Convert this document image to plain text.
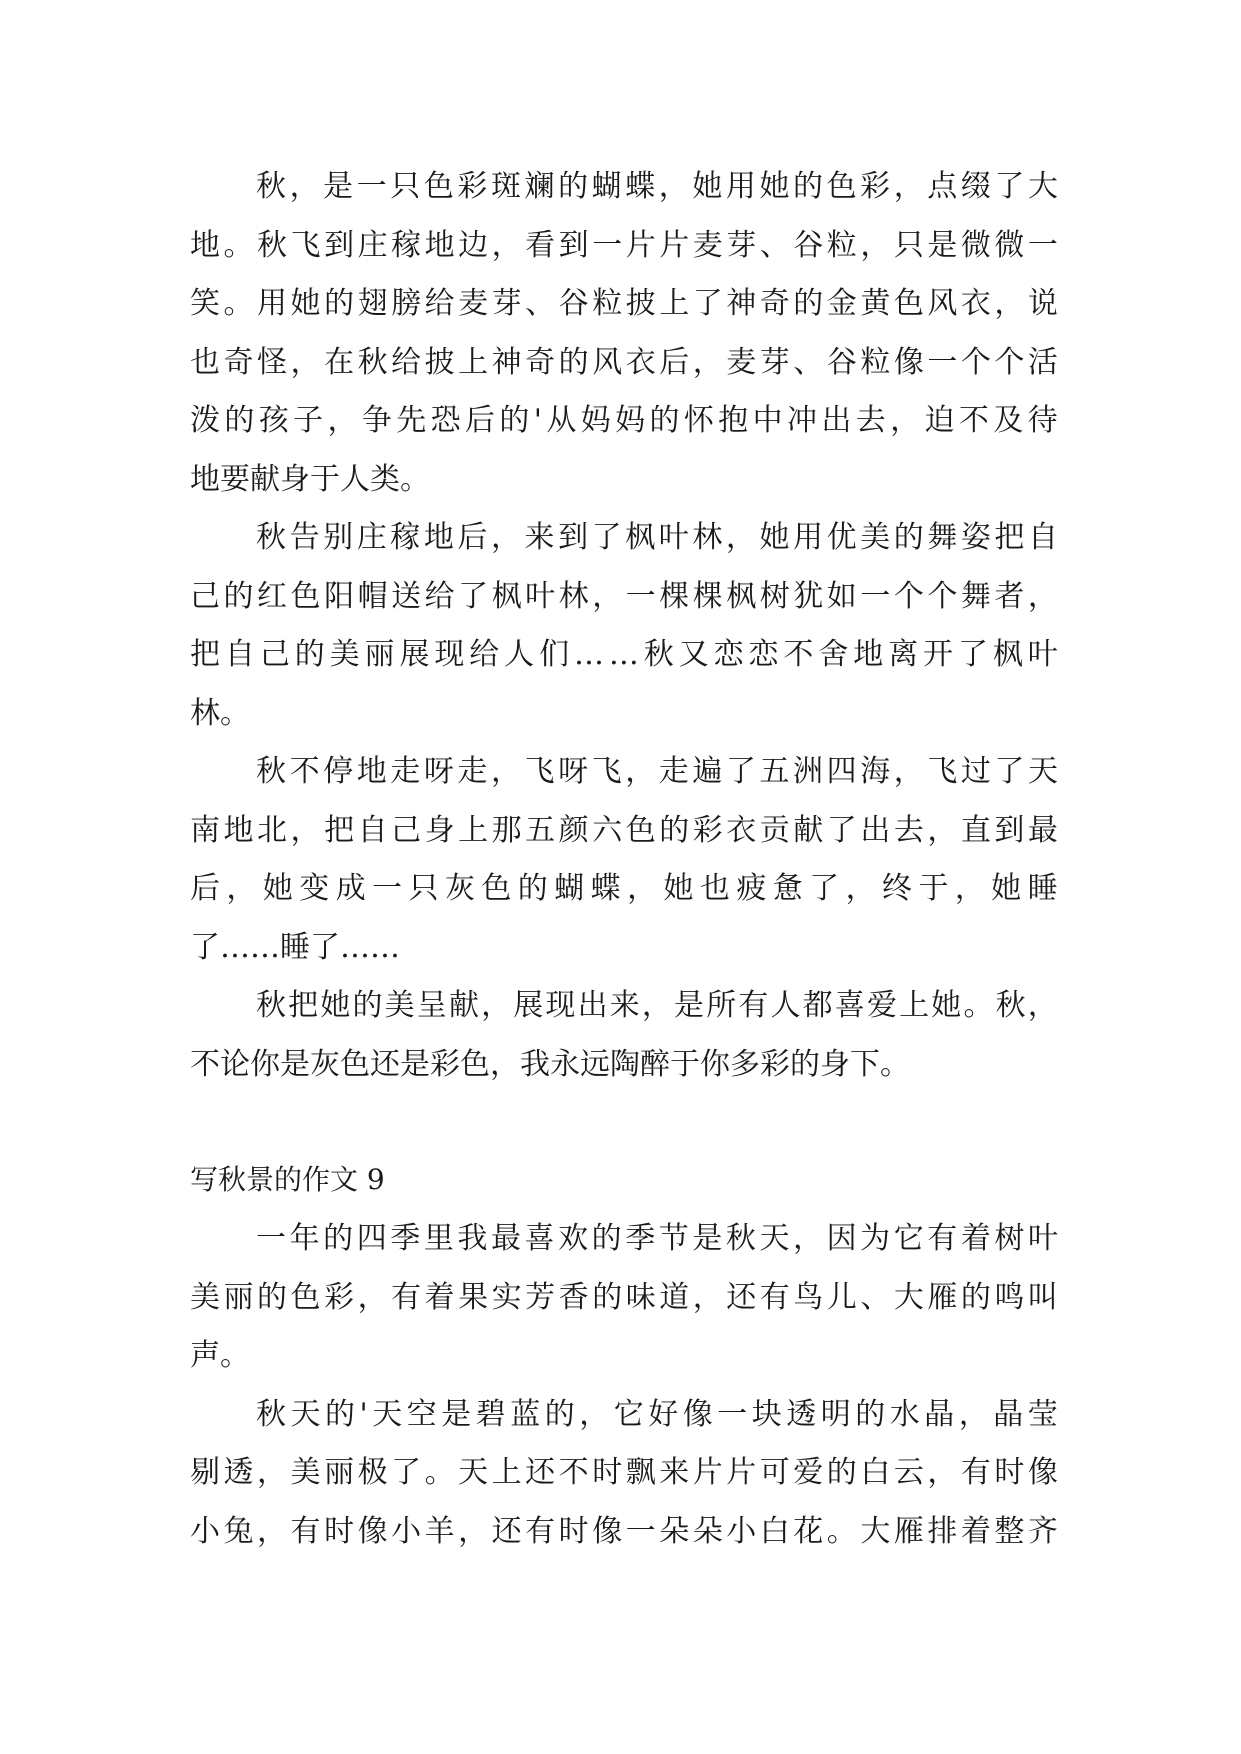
秋 ， 是 一 只 色 彩 斑 斓 的 蝴 蝶 ， 她 用 她 的 色 彩 ， 点 缀 了 大
地 。 秋 飞 到 庄 稼 地 边 ， 看 到 一 片 片 麦 芽 、 谷 粒 ， 只 是 微 微 一
笑 。 用 她 的 翅 膀 给 麦 芽 、 谷 粒 披 上 了 神 奇 的 金 黄 色 风 衣 ， 说
也 奇 怪 ， 在 秋 给 披 上 神 奇 的 风 衣 后 ， 麦 芽 、 谷 粒 像 一 个 个 活
泼 的 孩 子 ， 争 先 恐 后 的 ' 从 妈 妈 的 怀 抱 中 冲 出 去 ， 迫 不 及 待
地要献身于人类。
秋 告 别 庄 稼 地 后 ， 来 到 了 枫 叶 林 ， 她 用 优 美 的 舞 姿 把 自
己 的 红 色 阳 帽 送 给 了 枫 叶 林 ， 一 棵 棵 枫 树 犹 如 一 个 个 舞 者 ，
把 自 己 的 美 丽 展 现 给 人 们 … … 秋 又 恋 恋 不 舍 地 离 开 了 枫 叶
林。
秋 不 停 地 走 呀 走 ， 飞 呀 飞 ， 走 遍 了 五 洲 四 海 ， 飞 过 了 天
南 地 北 ， 把 自 己 身 上 那 五 颜 六 色 的 彩 衣 贡 献 了 出 去 ， 直 到 最
后 ， 她 变 成 一 只 灰 色 的 蝴 蝶 ， 她 也 疲 惫 了 ， 终 于 ， 她 睡
了……睡了……
秋 把 她 的 美 呈 献 ， 展 现 出 来 ， 是 所 有 人 都 喜 爱 上 她 。 秋 ，
不论你是灰色还是彩色，我永远陶醉于你多彩的身下。
写秋景的作文 9
一 年 的 四 季 里 我 最 喜 欢 的 季 节 是 秋 天 ， 因 为 它 有 着 树 叶
美 丽 的 色 彩 ， 有 着 果 实 芳 香 的 味 道 ， 还 有 鸟 儿 、 大 雁 的 鸣 叫
声。
秋 天 的 ' 天 空 是 碧 蓝 的 ， 它 好 像 一 块 透 明 的 水 晶 ， 晶 莹
剔 透 ， 美 丽 极 了 。 天 上 还 不 时 飘 来 片 片 可 爱 的 白 云 ， 有 时 像
小 兔 ， 有 时 像 小 羊 ， 还 有 时 像 一 朵 朵 小 白 花 。 大 雁 排 着 整 齐
